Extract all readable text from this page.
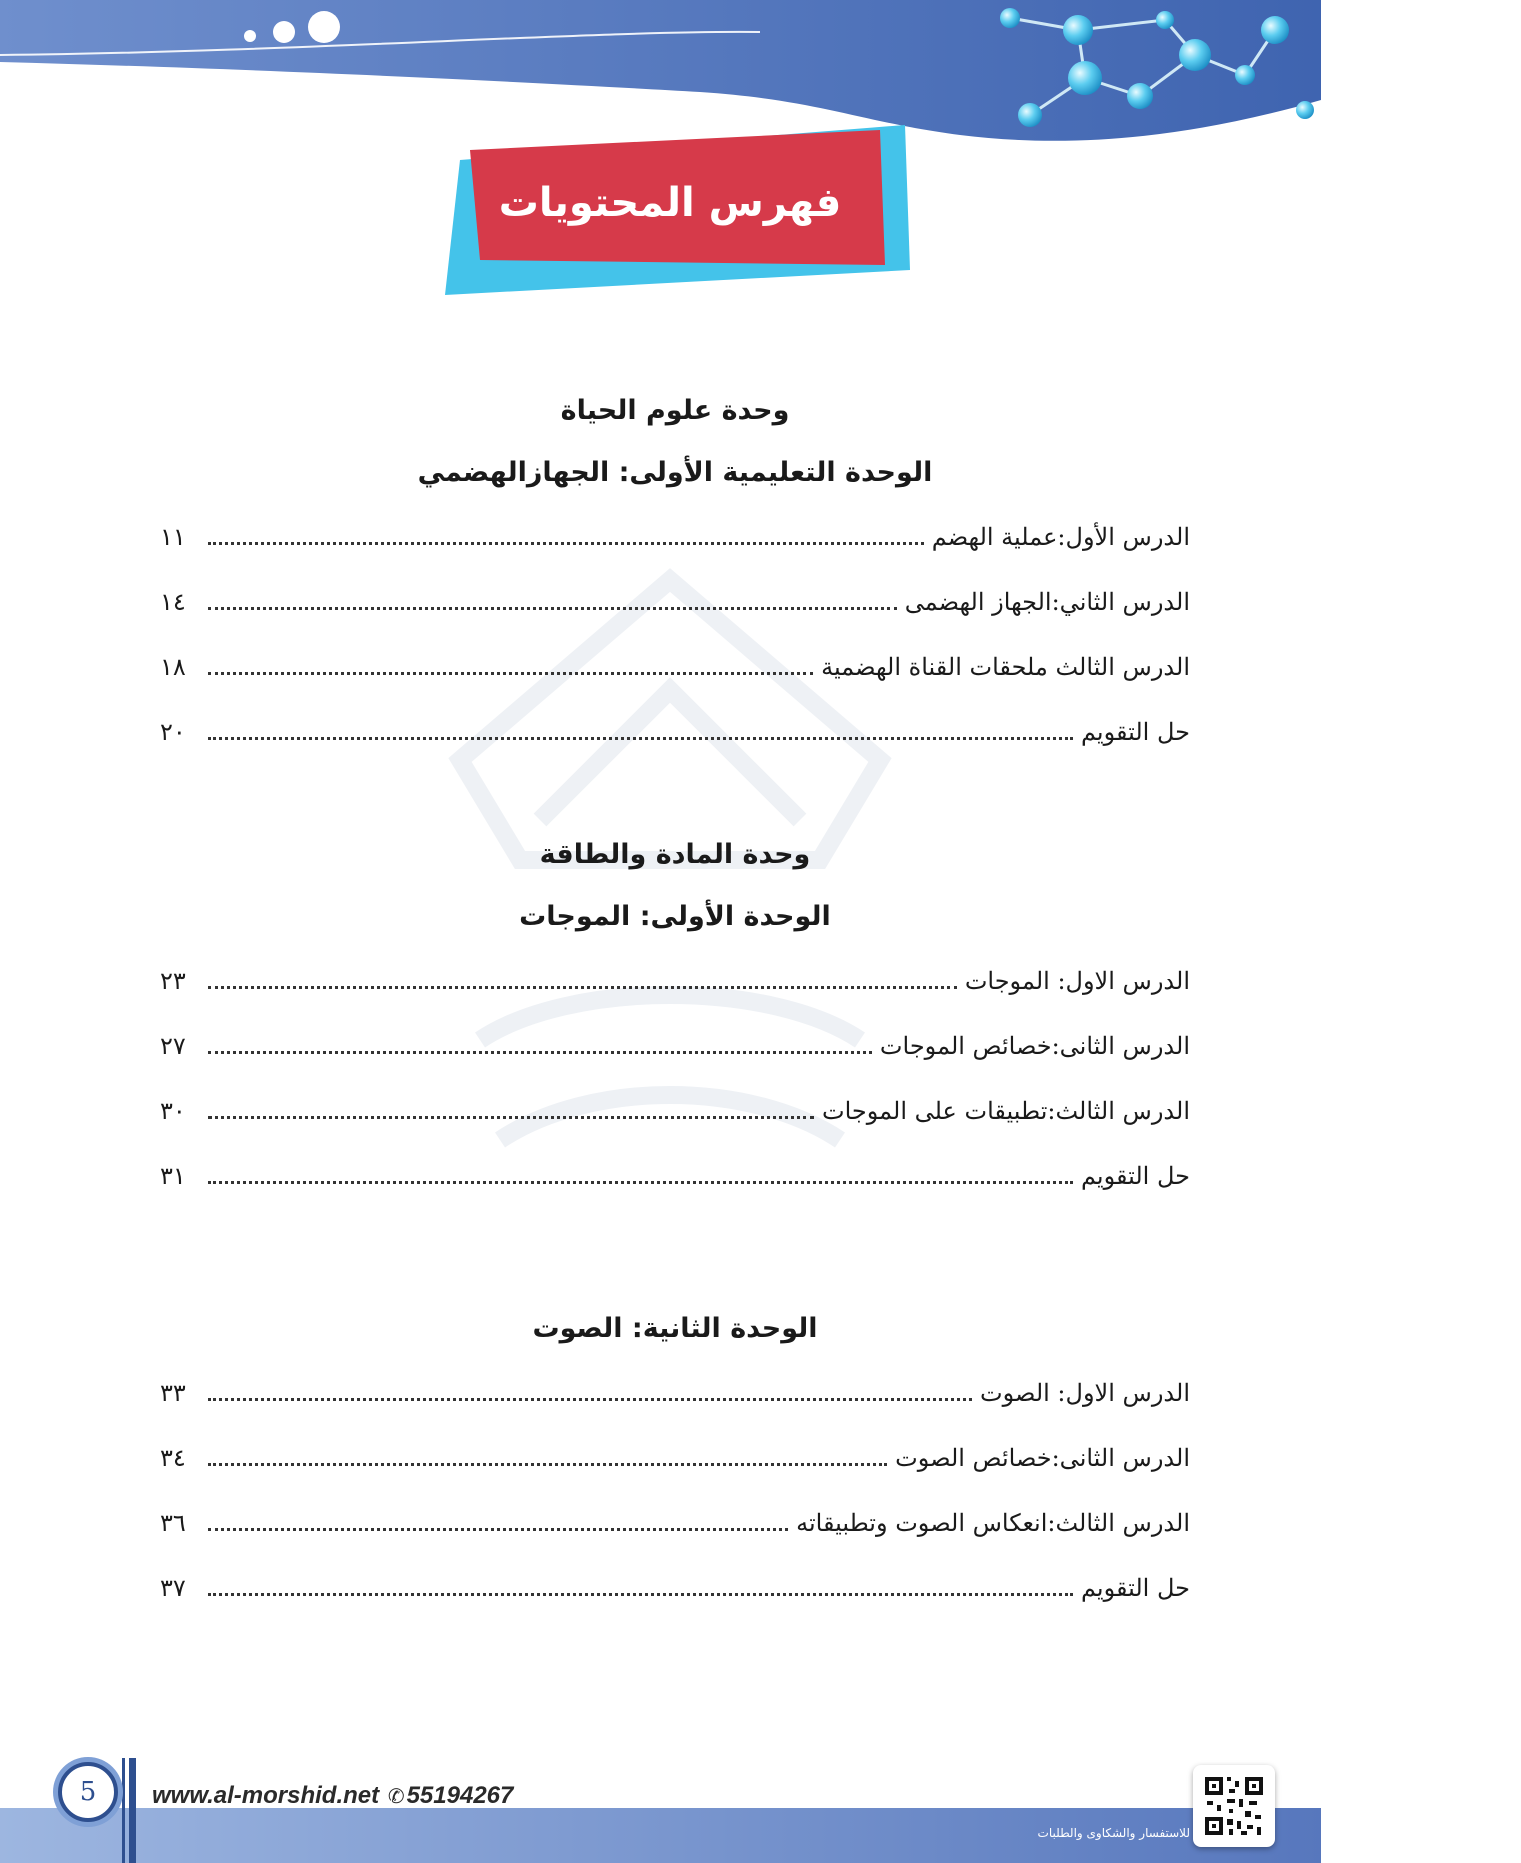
فهرس المحتويات
وحدة علوم الحياة
الوحدة التعليمية الأولى: الجهازالهضمي
الدرس الأول:عملية الهضم
١١
الدرس الثاني:الجهاز الهضمى
١٤
الدرس الثالث ملحقات القناة الهضمية
١٨
حل التقويم
٢٠
وحدة المادة والطاقة
الوحدة الأولى: الموجات
الدرس الاول: الموجات
٢٣
الدرس الثانى:خصائص الموجات
٢٧
الدرس الثالث:تطبيقات على الموجات
٣٠
حل التقويم
٣١
الوحدة الثانية: الصوت
الدرس الاول: الصوت
٣٣
الدرس الثانى:خصائص الصوت
٣٤
الدرس الثالث:انعكاس الصوت وتطبيقاته
٣٦
حل التقويم
٣٧
5	www.al-morshid.net ✆55194267
للاستفسار والشكاوى والطلبات
